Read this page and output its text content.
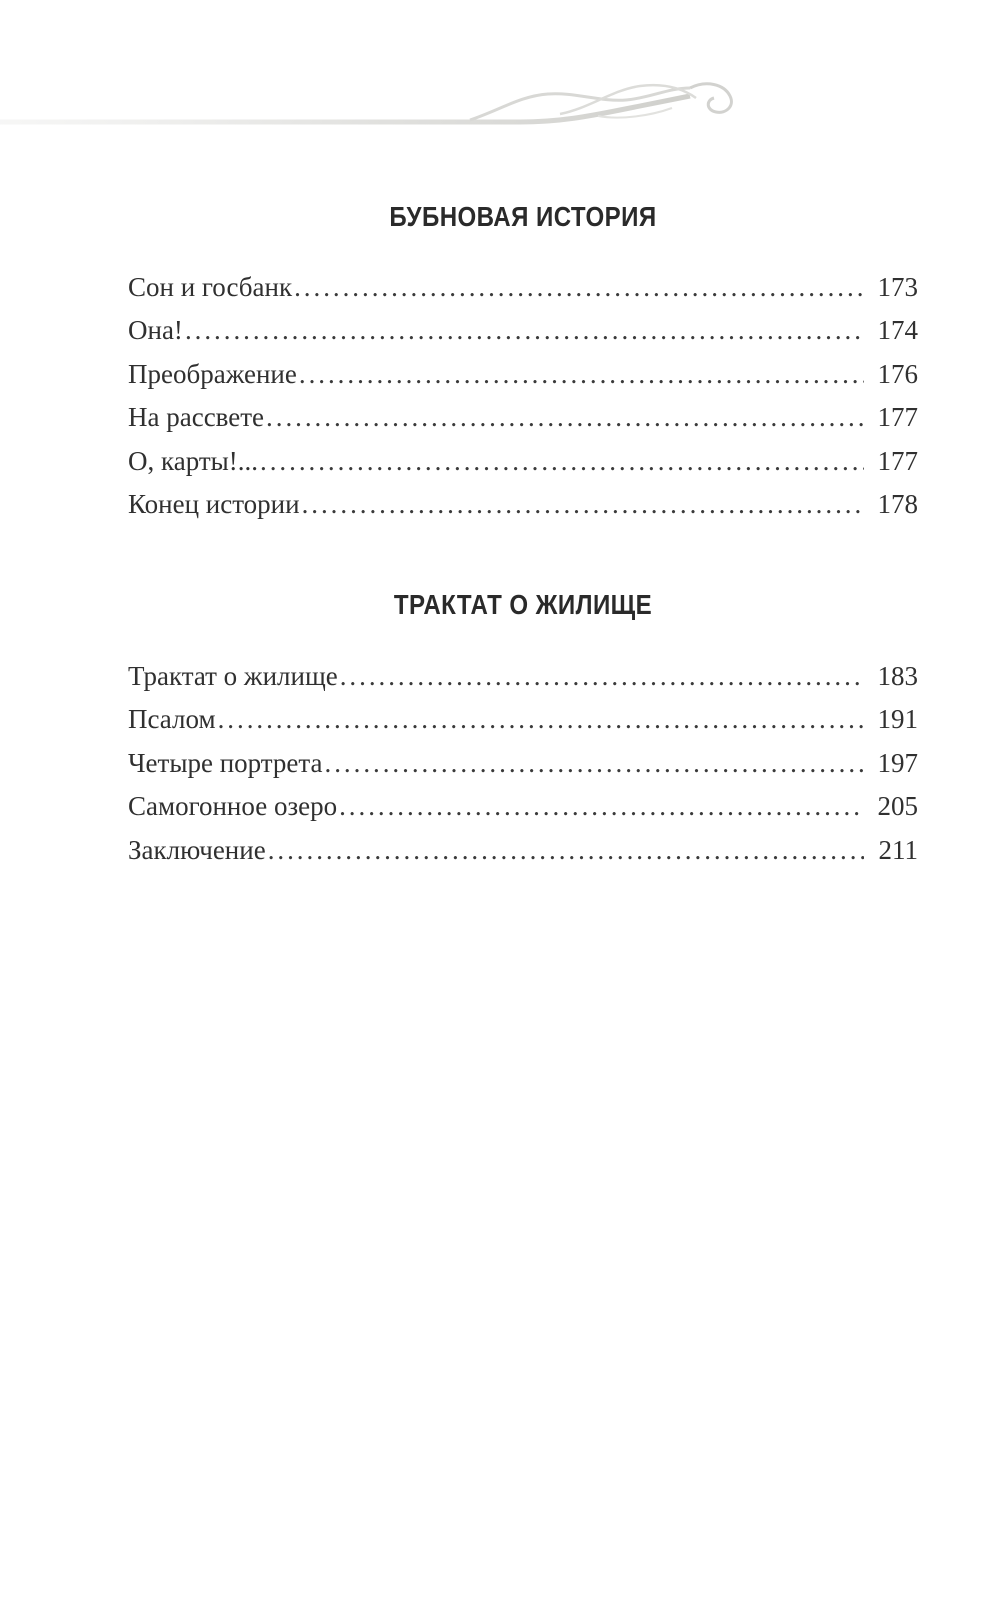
БУБНОВАЯ ИСТОРИЯ
Сон и госбанк . . .	173
Она! . . .	174
Преображение . . .	176
На рассвете . . .	177
О, карты!... . . .	177
Конец истории . . .	178
ТРАКТАТ О ЖИЛИЩЕ
Трактат о жилище . . .	183
Псалом . . .	191
Четыре портрета . . .	197
Самогонное озеро . . .	205
Заключение . . .	211
